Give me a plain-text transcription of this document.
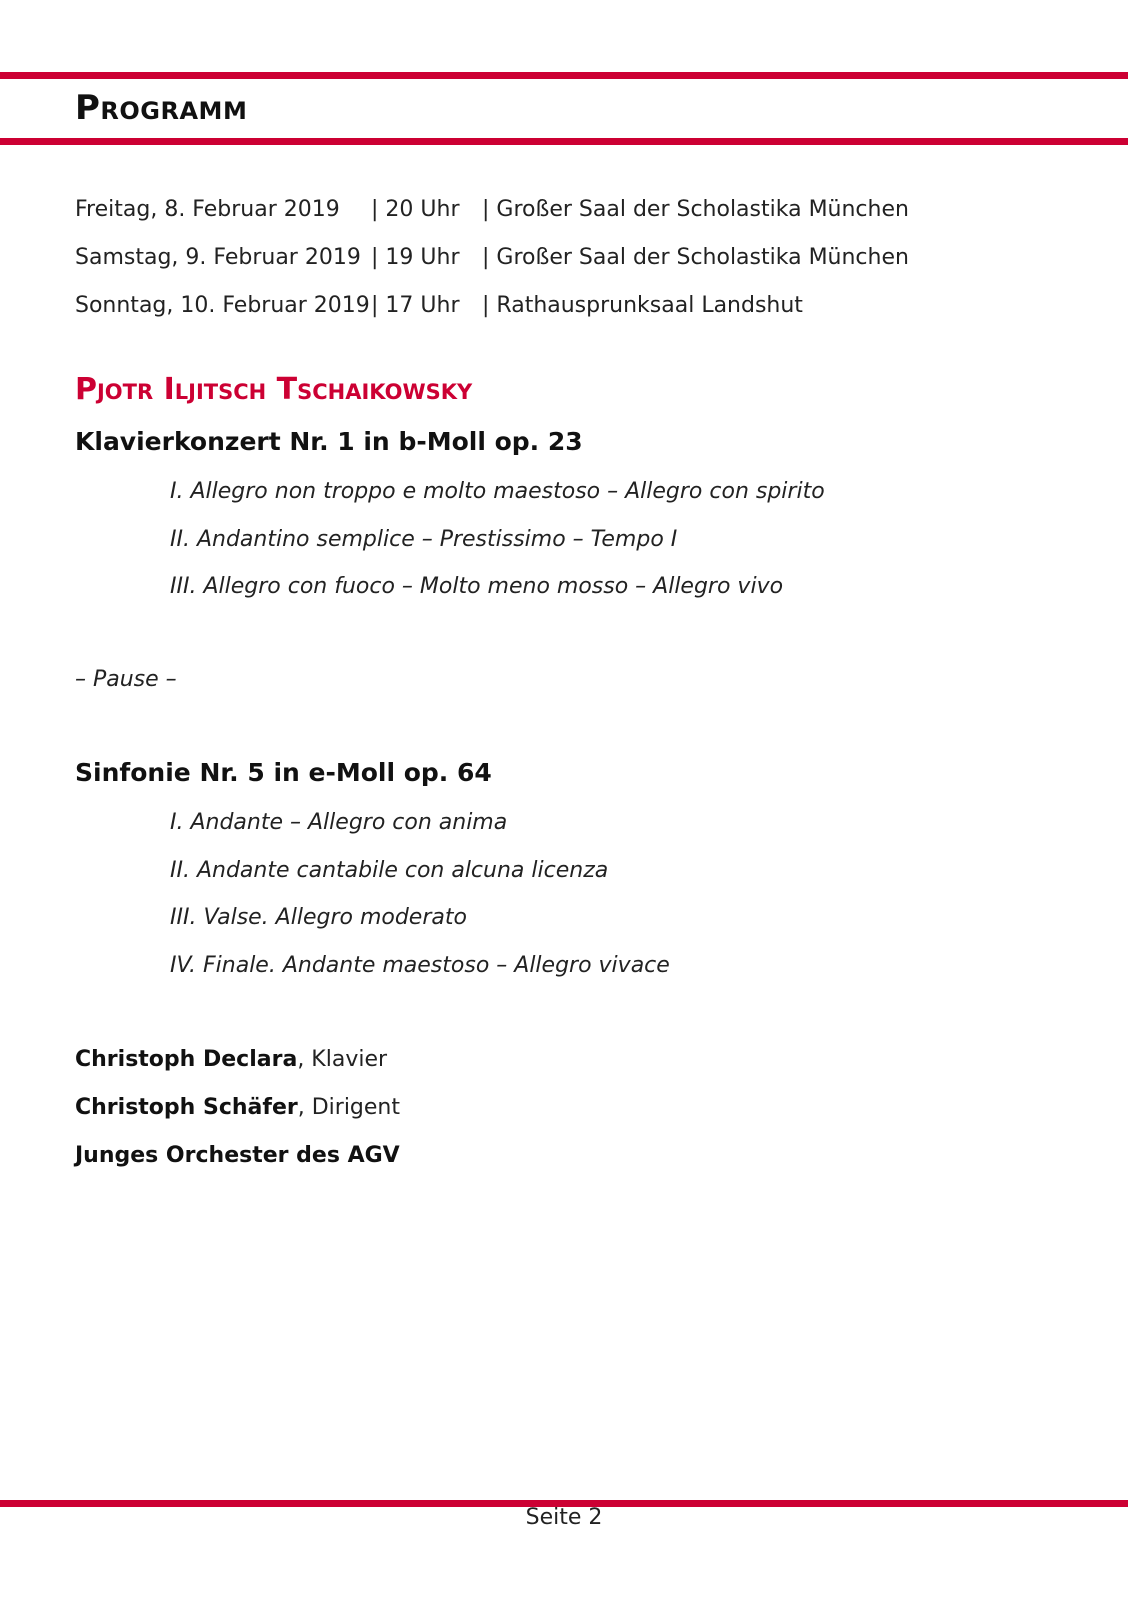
Programm
Freitag, 8. Februar 2019	| 20 Uhr	| Großer Saal der Scholastika München
Samstag, 9. Februar 2019 | 19 Uhr	| Großer Saal der Scholastika München
Sonntag, 10. Februar 2019 | 17 Uhr	| Rathausprunksaal Landshut
Pjotr Iljitsch Tschaikowsky
Klavierkonzert Nr. 1 in b-Moll op. 23
I. Allegro non troppo e molto maestoso – Allegro con spirito
II. Andantino semplice – Prestissimo – Tempo I
III. Allegro con fuoco – Molto meno mosso – Allegro vivo
– Pause –
Sinfonie Nr. 5 in e-Moll op. 64
I. Andante – Allegro con anima
II. Andante cantabile con alcuna licenza
III. Valse. Allegro moderato
IV. Finale. Andante maestoso – Allegro vivace
Christoph Declara, Klavier
Christoph Schäfer, Dirigent
Junges Orchester des AGV
Seite 2
